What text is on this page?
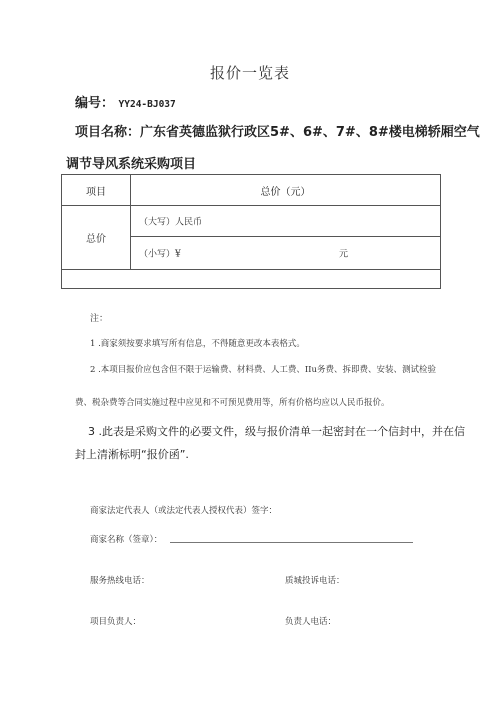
报价一览表
编号： YY24-BJ037
项目名称：广东省英德监狱行政区5#、6#、7#、8#楼电梯轿厢空气
调节导风系统采购项目
项目	总价（元）
总价	（大写）人民币

	（小写）¥ 元

注：
1 .商家须按要求填写所有信息，不得随意更改本表格式。
2 .本项目报价应包含但不限于运输费、材料费、人工费、IIu务费、拆即费、安装、测试检验
费、税杂费等合同实施过程中应见和不可预见费用等，所有价格均应以人民币报价。
3 .此表是采购文件的必要文件，级与报价清单一起密封在一个信封中，并在信
封上清淅标明“报价函”.
商家法定代表人（或法定代表人授权代表）签字：
商家名称（签章）：
服务热线电话：	质城投诉电话：
项目负责人：	负责人电话：
